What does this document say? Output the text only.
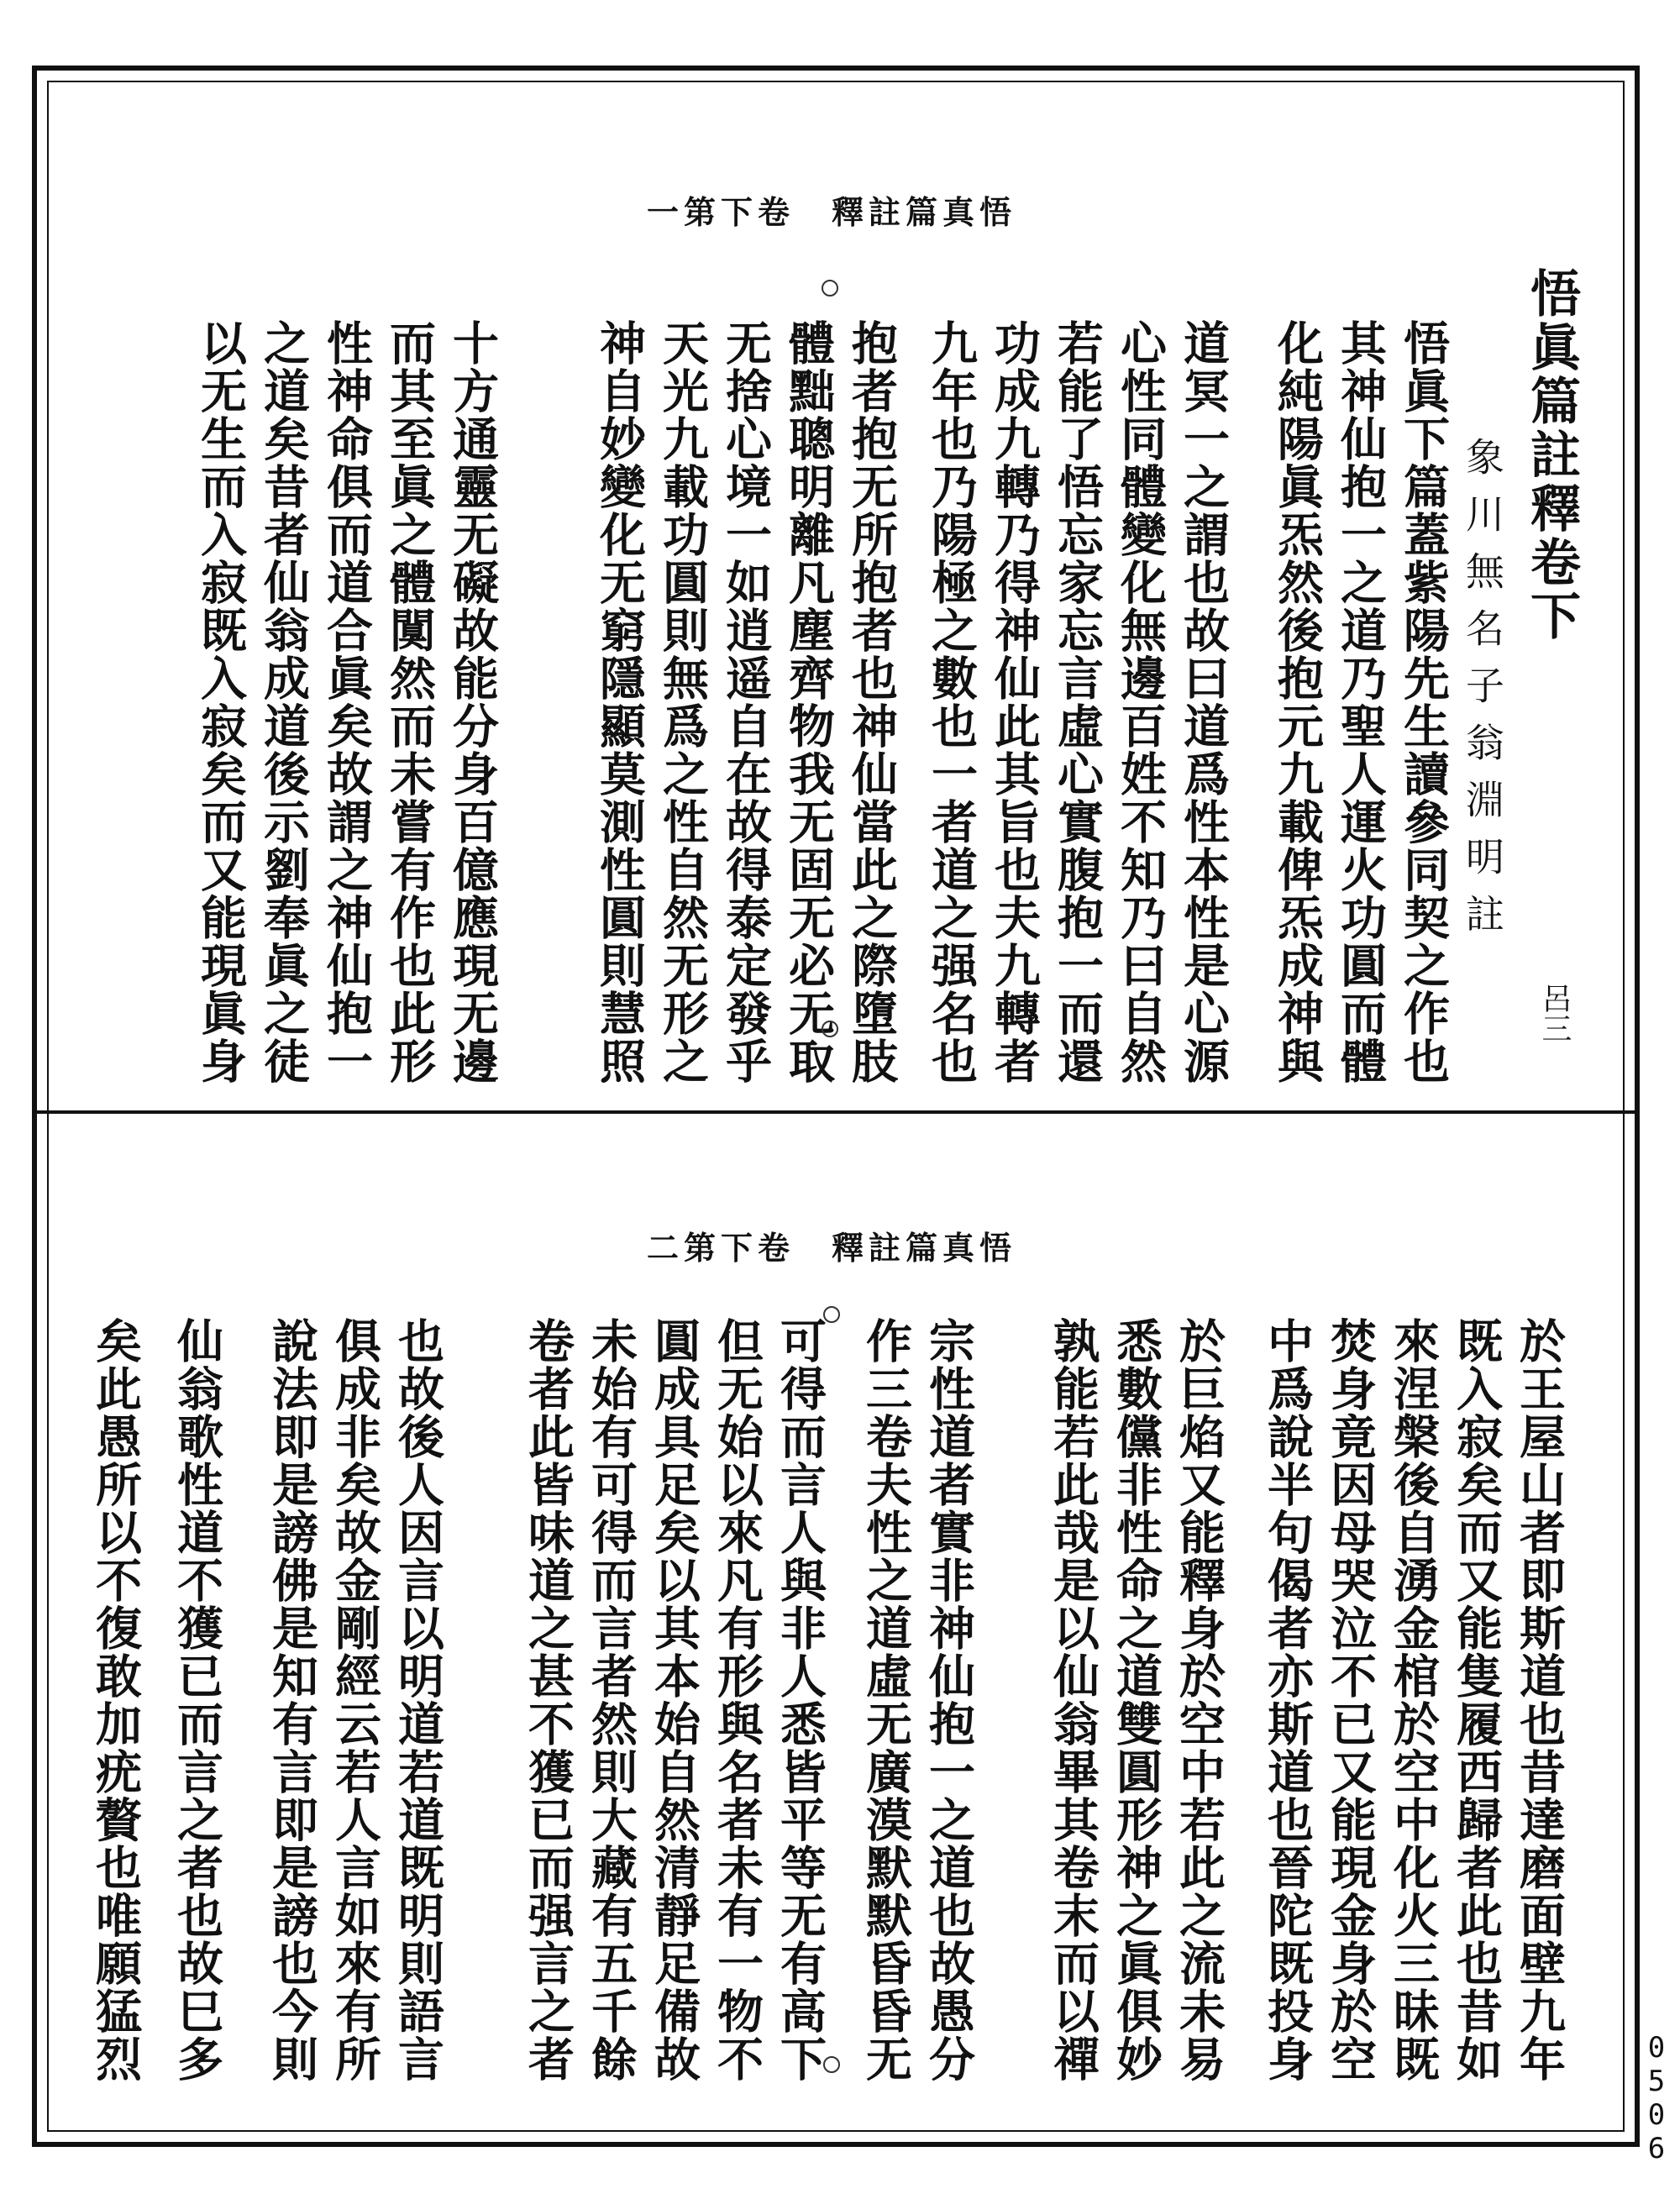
一第下卷　釋註篇真悟
呂三
悟眞篇註釋卷下
象川無名子翁淵明註
悟眞下篇蓋紫陽先生讀參同契之作也
其神仙抱一之道乃聖人運火功圓而體
化純陽眞炁然後抱元九載俾炁成神與
道冥一之謂也故曰道爲性本性是心源
心性同體變化無邊百姓不知乃曰自然
若能了悟忘家忘言虛心實腹抱一而還
功成九轉乃得神仙此其旨也夫九轉者
九年也乃陽極之數也一者道之强名也
抱者抱无所抱者也神仙當此之際墮肢
體黜聰明離凡塵齊物我无固无必无取
无捨心境一如逍遥自在故得泰定發乎
天光九載功圓則無爲之性自然无形之
神自妙變化无窮隱顯莫測性圓則慧照
十方通靈无礙故能分身百億應現无邊
而其至眞之體闃然而未嘗有作也此形
性神命俱而道合眞矣故謂之神仙抱一
之道矣昔者仙翁成道後示劉奉眞之徒
以无生而入寂既入寂矣而又能現眞身
二第下卷　釋註篇真悟
於王屋山者即斯道也昔達磨面壁九年
既入寂矣而又能隻履西歸者此也昔如
來涅槃後自湧金棺於空中化火三昧既
焚身竟因母哭泣不已又能現金身於空
中爲說半句偈者亦斯道也晉陀既投身
於巨焰又能釋身於空中若此之流未易
悉數儻非性命之道雙圓形神之眞俱妙
孰能若此哉是以仙翁畢其卷末而以禪
宗性道者實非神仙抱一之道也故愚分
作三卷夫性之道虛无廣漠默默昏昏无
可得而言人與非人悉皆平等无有高下
但无始以來凡有形與名者未有一物不
圓成具足矣以其本始自然清靜足備故
未始有可得而言者然則大藏有五千餘
卷者此皆味道之甚不獲已而强言之者
也故後人因言以明道若道既明則語言
俱成非矣故金剛經云若人言如來有所
說法即是謗佛是知有言即是謗也今則
仙翁歌性道不獲已而言之者也故巳多
矣此愚所以不復敢加疣贅也唯願猛烈
0506
